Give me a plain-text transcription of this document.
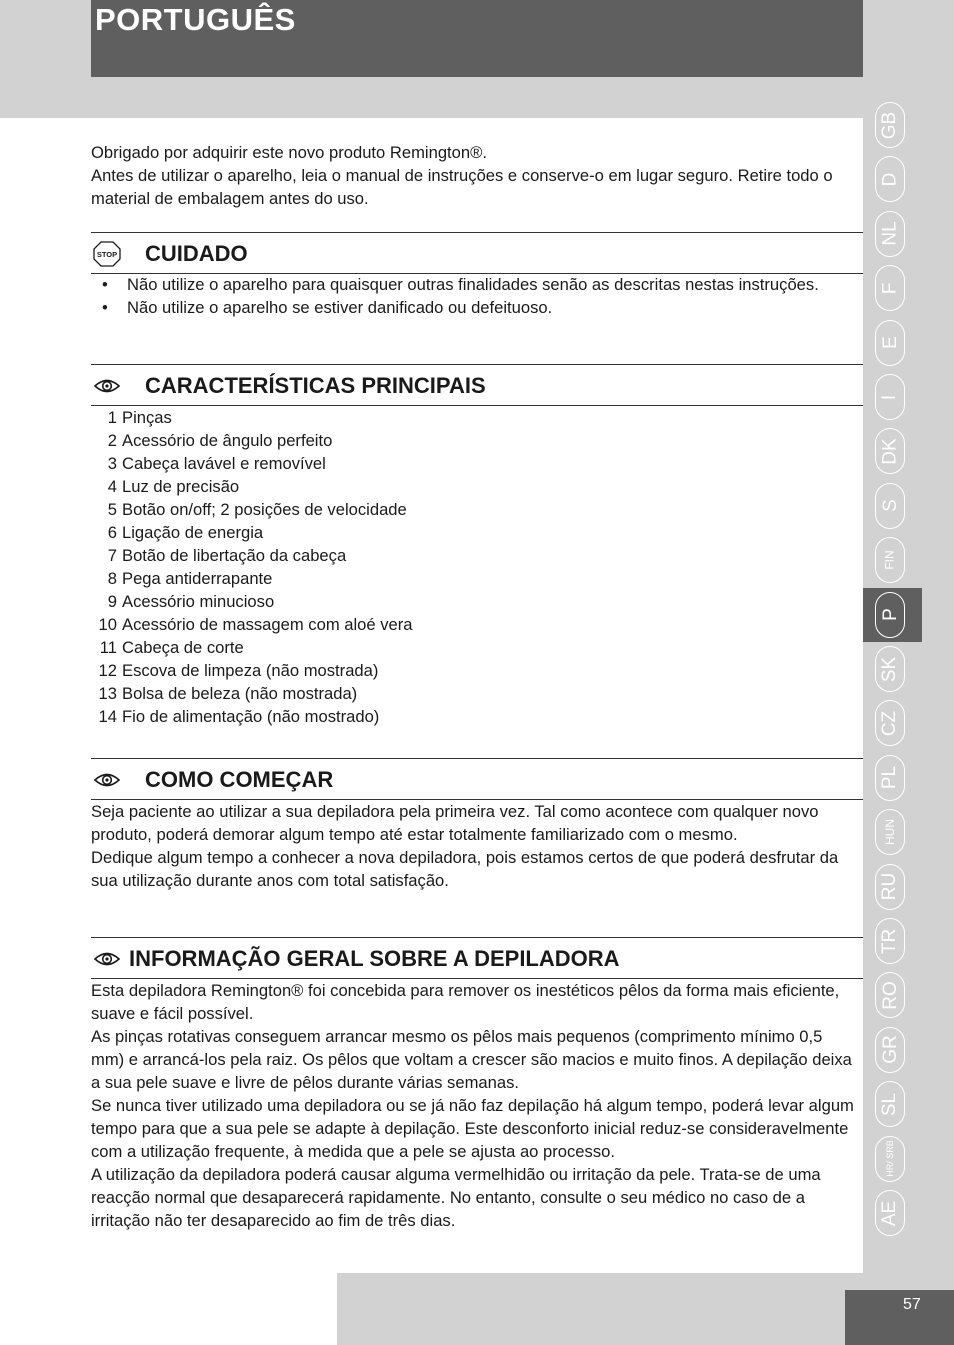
PORTUGUÊS

Obrigado por adquirir este novo produto Remington®.

Antes de utilizar o aparelho, leia o manual de instruções e conserve-o em lugar seguro. Retire todo o material de embalagem antes do uso.

STOP CUIDADO
• Não utilize o aparelho para quaisquer outras finalidades senão as descritas nestas instruções.
• Não utilize o aparelho se estiver danificado ou defeituoso.
CARACTERÍSTICAS PRINCIPAIS
1 Pinças
2 Acessório de ângulo perfeito
3 Cabeça lavável e removível
4 Luz de precisão
5 Botão on/off; 2 posições de velocidade
6 Ligação de energia
7 Botão de libertação da cabeça
8 Pega antiderrapante
9 Acessório minucioso
10 Acessório de massagem com aloé vera
11 Cabeça de corte
12 Escova de limpeza (não mostrada)
13 Bolsa de beleza (não mostrada)
14 Fio de alimentação (não mostrado)
COMO COMEÇAR

Seja paciente ao utilizar a sua depiladora pela primeira vez. Tal como acontece com qualquer novo produto, poderá demorar algum tempo até estar totalmente familiarizado com o mesmo.

Dedique algum tempo a conhecer a nova depiladora, pois estamos certos de que poderá desfrutar da sua utilização durante anos com total satisfação.

INFORMAÇÃO GERAL SOBRE A DEPILADORA

Esta depiladora Remington® foi concebida para remover os inestéticos pêlos da forma mais eficiente, suave e fácil possível.

As pinças rotativas conseguem arrancar mesmo os pêlos mais pequenos (comprimento mínimo 0,5 mm) e arrancá-los pela raiz. Os pêlos que voltam a crescer são macios e muito finos. A depilação deixa a sua pele suave e livre de pêlos durante várias semanas.

Se nunca tiver utilizado uma depiladora ou se já não faz depilação há algum tempo, poderá levar algum tempo para que a sua pele se adapte à depilação. Este desconforto inicial reduz-se consideravelmente com a utilização frequente, à medida que a pele se ajusta ao processo.

A utilização da depiladora poderá causar alguma vermelhidão ou irritação da pele. Trata-se de uma reacção normal que desaparecerá rapidamente. No entanto, consulte o seu médico no caso de a irritação não ter desaparecido ao fim de três dias.

GB
D
NL
F
E
I
DK
S
FIN
P
SK
CZ
PL
HUN
RU
TR
RO
GR
SL
HR/ SRB
AE
57
